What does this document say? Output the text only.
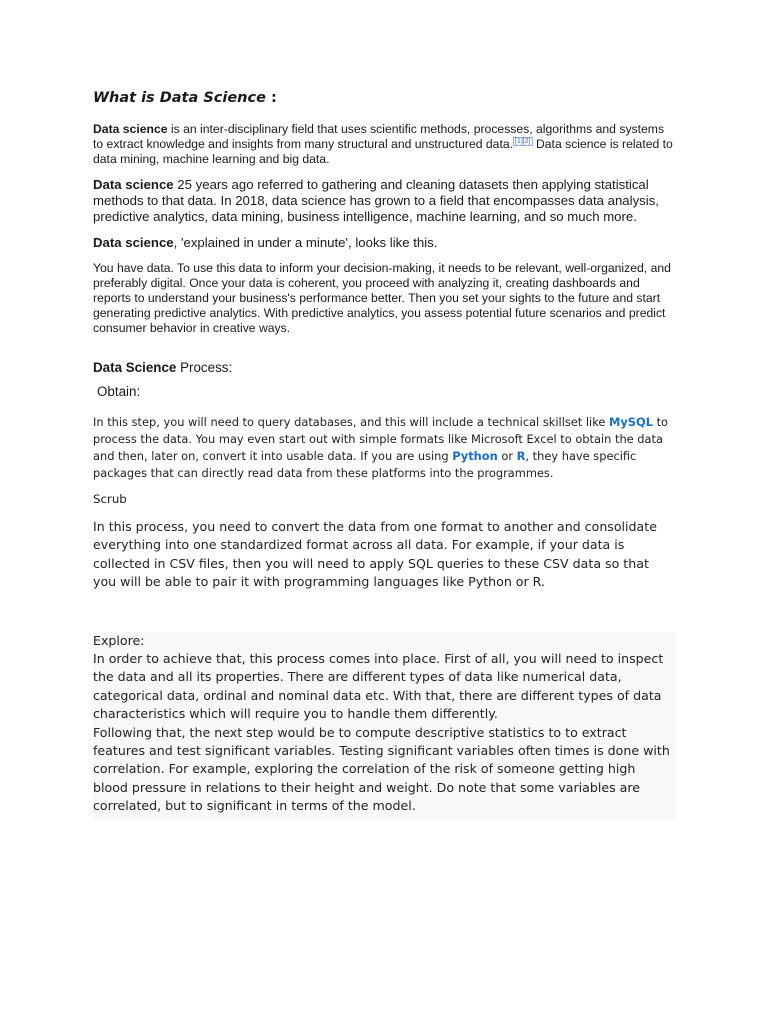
What is Data Science :

Data science is an inter-disciplinary field that uses scientific methods, processes, algorithms and systems to extract knowledge and insights from many structural and unstructured data. [1][2] Data science is related to data mining, machine learning and big data.

Data science 25 years ago referred to gathering and cleaning datasets then applying statistical methods to that data. In 2018, data science has grown to a field that encompasses data analysis, predictive analytics, data mining, business intelligence, machine learning, and so much more.

Data science, 'explained in under a minute', looks like this.

You have data. To use this data to inform your decision-making, it needs to be relevant, well-organized, and preferably digital. Once your data is coherent, you proceed with analyzing it, creating dashboards and reports to understand your business's performance better. Then you set your sights to the future and start generating predictive analytics. With predictive analytics, you assess potential future scenarios and predict consumer behavior in creative ways.

Data Science Process:

Obtain:

In this step, you will need to query databases, and this will include a technical skillset like MySQL to process the data. You may even start out with simple formats like Microsoft Excel to obtain the data and then, later on, convert it into usable data. If you are using Python or R, they have specific packages that can directly read data from these platforms into the programmes.

Scrub

In this process, you need to convert the data from one format to another and consolidate everything into one standardized format across all data. For example, if your data is collected in CSV files, then you will need to apply SQL queries to these CSV data so that you will be able to pair it with programming languages like Python or R.

Explore:

In order to achieve that, this process comes into place. First of all, you will need to inspect the data and all its properties. There are different types of data like numerical data, categorical data, ordinal and nominal data etc. With that, there are different types of data characteristics which will require you to handle them differently.

Following that, the next step would be to compute descriptive statistics to to extract features and test significant variables. Testing significant variables often times is done with correlation. For example, exploring the correlation of the risk of someone getting high blood pressure in relations to their height and weight. Do note that some variables are correlated, but to significant in terms of the model.
